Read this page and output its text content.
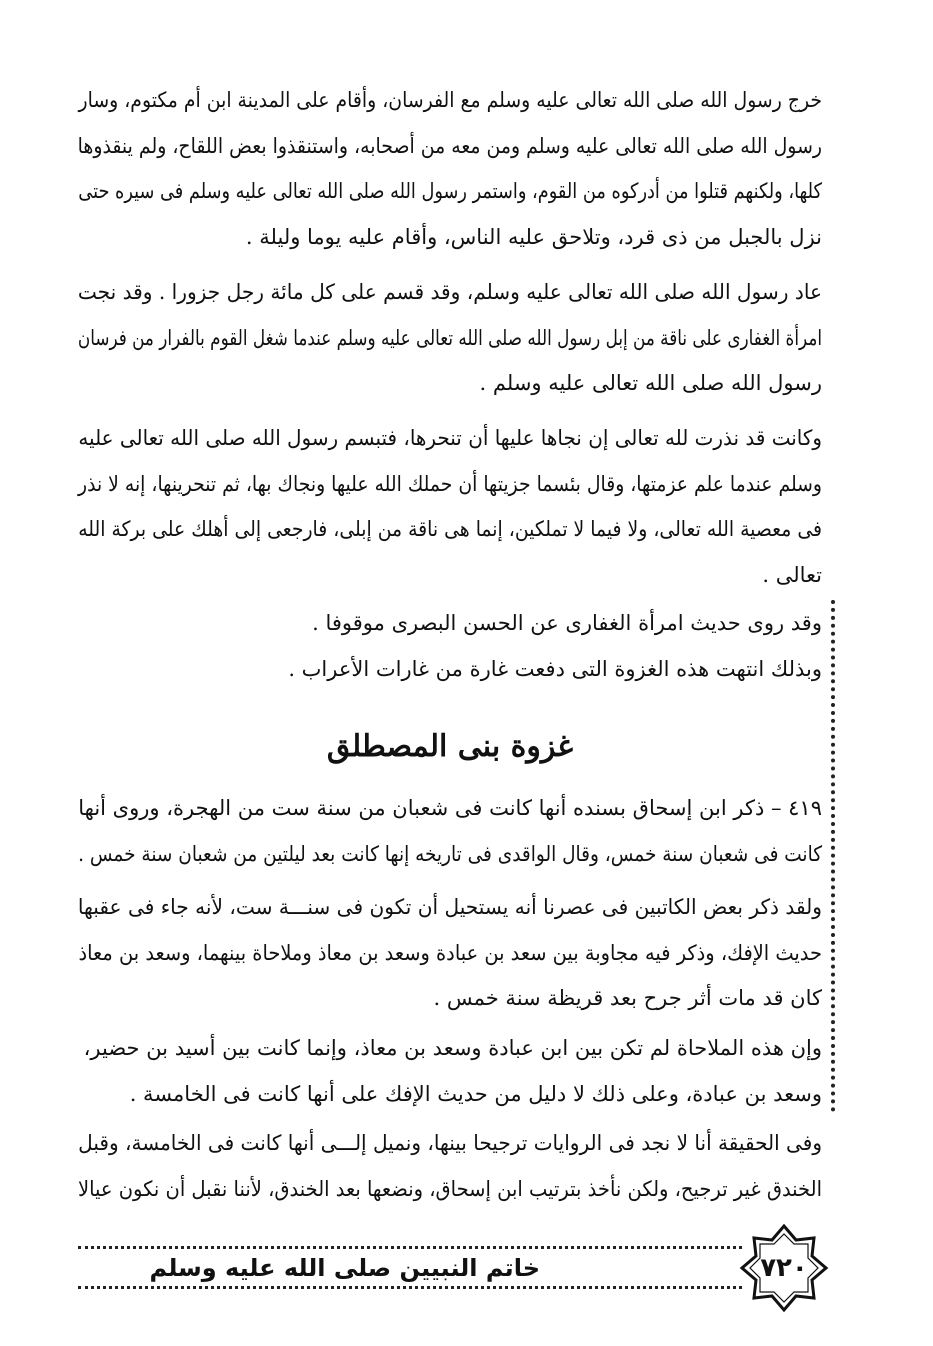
خرج رسول الله صلى الله تعالى عليه وسلم مع الفرسان، وأقام على المدينة ابن أم مكتوم، وسار
رسول الله صلى الله تعالى عليه وسلم ومن معه من أصحابه، واستنقذوا بعض اللقاح، ولم ينقذوها
كلها، ولكنهم قتلوا من أدركوه من القوم، واستمر رسول الله صلى الله تعالى عليه وسلم فى سيره حتى
نزل بالجبل من ذى قرد، وتلاحق عليه الناس، وأقام عليه يوما وليلة .
عاد رسول الله صلى الله تعالى عليه وسلم، وقد قسم على كل مائة رجل جزورا . وقد نجت
امرأة الغفارى على ناقة من إبل رسول الله صلى الله تعالى عليه وسلم عندما شغل القوم بالفرار من فرسان
رسول الله صلى الله تعالى عليه وسلم .
وكانت قد نذرت لله تعالى إن نجاها عليها أن تنحرها، فتبسم رسول الله صلى الله تعالى عليه
وسلم عندما علم عزمتها، وقال بئسما جزيتها أن حملك الله عليها ونجاك بها، ثم تنحرينها، إنه لا نذر
فى معصية الله تعالى، ولا فيما لا تملكين، إنما هى ناقة من إبلى، فارجعى إلى أهلك على بركة الله
تعالى .
وقد روى حديث امرأة الغفارى عن الحسن البصرى موقوفا .
وبذلك انتهت هذه الغزوة التى دفعت غارة من غارات الأعراب .
غزوة بنى المصطلق
٤١٩ – ذكر ابن إسحاق بسنده أنها كانت فى شعبان من سنة ست من الهجرة، وروى أنها
كانت فى شعبان سنة خمس، وقال الواقدى فى تاريخه إنها كانت بعد ليلتين من شعبان سنة خمس .
ولقد ذكر بعض الكاتبين فى عصرنا أنه يستحيل أن تكون فى سنـــة ست، لأنه جاء فى عقبها
حديث الإفك، وذكر فيه مجاوبة بين سعد بن عبادة وسعد بن معاذ وملاحاة بينهما، وسعد بن معاذ
كان قد مات أثر جرح بعد قريظة سنة خمس .
وإن هذه الملاحاة لم تكن بين ابن عبادة وسعد بن معاذ، وإنما كانت بين أسيد بن حضير،
وسعد بن عبادة، وعلى ذلك لا دليل من حديث الإفك على أنها كانت فى الخامسة .
وفى الحقيقة أنا لا نجد فى الروايات ترجيحا بينها، ونميل إلـــى أنها كانت فى الخامسة، وقبل
الخندق غير ترجيح، ولكن نأخذ بترتيب ابن إسحاق، ونضعها بعد الخندق، لأننا نقبل أن نكون عيالا
خاتم النبيين صلى الله عليه وسلم	٧٢٠
